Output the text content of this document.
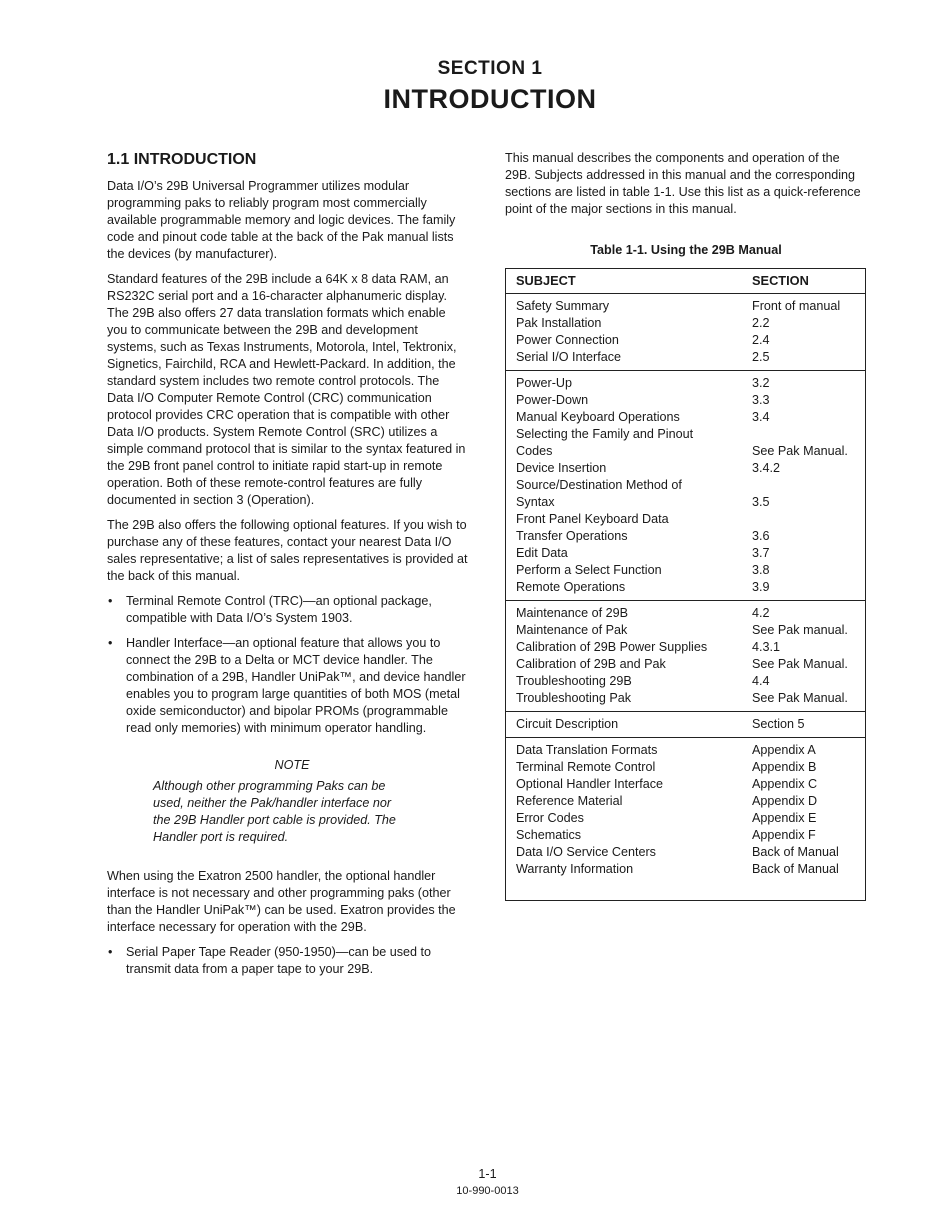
SECTION 1
INTRODUCTION
1.1 INTRODUCTION

Data I/O’s 29B Universal Programmer utilizes modular programming paks to reliably program most commercially available programmable memory and logic devices. The family code and pinout code table at the back of the Pak manual lists the devices (by manufacturer).

Standard features of the 29B include a 64K x 8 data RAM, an RS232C serial port and a 16-character alphanumeric display. The 29B also offers 27 data translation formats which enable you to communicate between the 29B and development systems, such as Texas Instruments, Motorola, Intel, Tektronix, Signetics, Fairchild, RCA and Hewlett-Packard. In addition, the standard system includes two remote control protocols. The Data I/O Computer Remote Control (CRC) communication protocol provides CRC operation that is compatible with other Data I/O products. System Remote Control (SRC) utilizes a simple command protocol that is similar to the syntax featured in the 29B front panel control to initiate rapid start-up in remote operation. Both of these remote-control features are fully documented in section 3 (Operation).

The 29B also offers the following optional features. If you wish to purchase any of these features, contact your nearest Data I/O sales representative; a list of sales representatives is provided at the back of this manual.

• Terminal Remote Control (TRC)—an optional package, compatible with Data I/O’s System 1903.
• Handler Interface—an optional feature that allows you to connect the 29B to a Delta or MCT device handler. The combination of a 29B, Handler UniPak™, and device handler enables you to program large quantities of both MOS (metal oxide semiconductor) and bipolar PROMs (programmable read only memories) with minimum operator handling.
NOTE
Although other programming Paks can be used, neither the Pak/handler interface nor the 29B Handler port cable is provided. The Handler port is required.

When using the Exatron 2500 handler, the optional handler interface is not necessary and other programming paks (other than the Handler UniPak™) can be used. Exatron provides the interface necessary for operation with the 29B.

• Serial Paper Tape Reader (950-1950)—can be used to transmit data from a paper tape to your 29B.

This manual describes the components and operation of the 29B. Subjects addressed in this manual and the corresponding sections are listed in table 1-1. Use this list as a quick-reference point of the major sections in this manual.

Table 1-1. Using the 29B Manual
SUBJECT	SECTION
Safety Summary	Front of manual
Pak Installation	2.2
Power Connection	2.4
Serial I/O Interface	2.5
Power-Up	3.2
Power-Down	3.3
Manual Keyboard Operations	3.4
Selecting the Family and Pinout
Codes	See Pak Manual.
Device Insertion	3.4.2
Source/Destination Method of
Syntax	3.5
Front Panel Keyboard Data
Transfer Operations	3.6
Edit Data	3.7
Perform a Select Function	3.8
Remote Operations	3.9
Maintenance of 29B	4.2
Maintenance of Pak	See Pak manual.
Calibration of 29B Power Supplies	4.3.1
Calibration of 29B and Pak	See Pak Manual.
Troubleshooting 29B	4.4
Troubleshooting Pak	See Pak Manual.
Circuit Description	Section 5
Data Translation Formats	Appendix A
Terminal Remote Control	Appendix B
Optional Handler Interface	Appendix C
Reference Material	Appendix D
Error Codes	Appendix E
Schematics	Appendix F
Data I/O Service Centers	Back of Manual
Warranty Information	Back of Manual
1-1
10-990-0013
